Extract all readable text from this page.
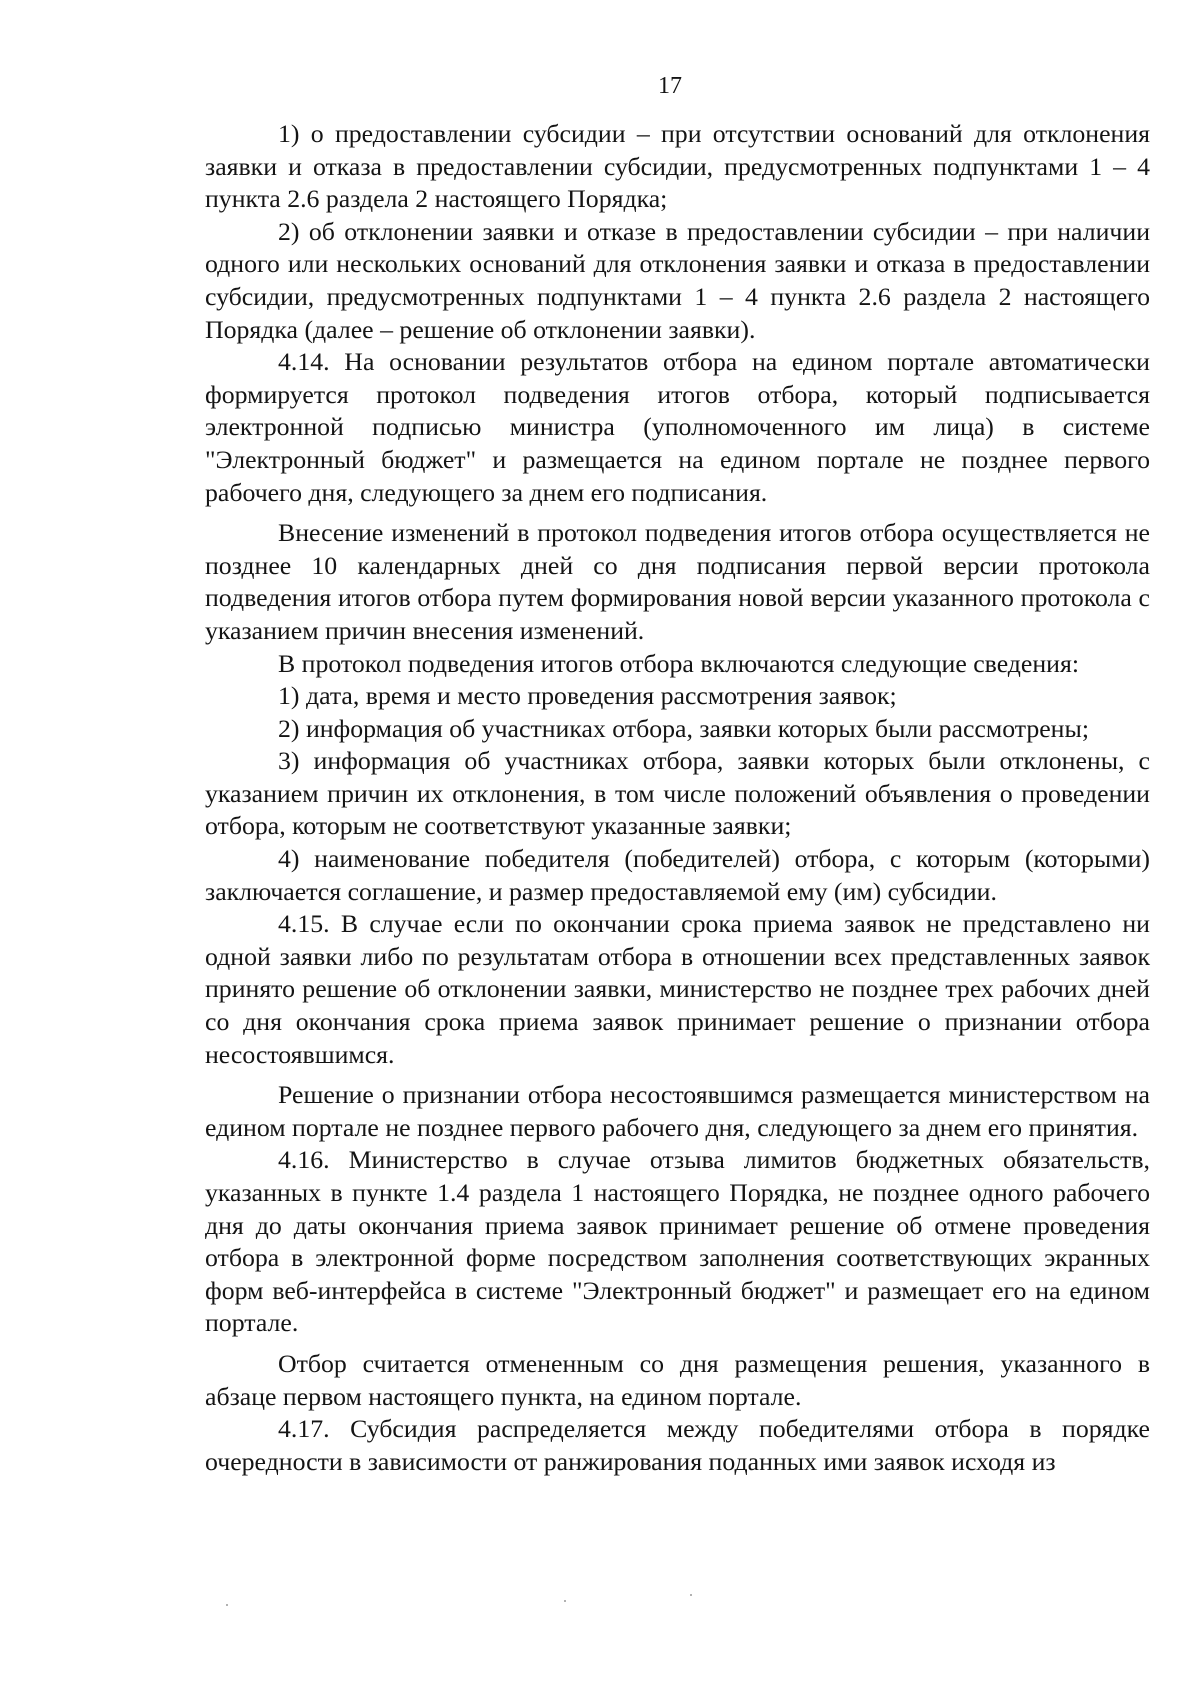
17

1) о предоставлении субсидии – при отсутствии оснований для отклонения заявки и отказа в предоставлении субсидии, предусмотренных подпунктами 1 – 4 пункта 2.6 раздела 2 настоящего Порядка;

2) об отклонении заявки и отказе в предоставлении субсидии – при наличии одного или нескольких оснований для отклонения заявки и отказа в предоставлении субсидии, предусмотренных подпунктами 1 – 4 пункта 2.6 раздела 2 настоящего Порядка (далее – решение об отклонении заявки).

4.14. На основании результатов отбора на едином портале автоматически формируется протокол подведения итогов отбора, который подписывается электронной подписью министра (уполномоченного им лица) в системе "Электронный бюджет" и размещается на едином портале не позднее первого рабочего дня, следующего за днем его подписания.

Внесение изменений в протокол подведения итогов отбора осуществляется не позднее 10 календарных дней со дня подписания первой версии протокола подведения итогов отбора путем формирования новой версии указанного протокола с указанием причин внесения изменений.

В протокол подведения итогов отбора включаются следующие сведения:

1) дата, время и место проведения рассмотрения заявок;

2) информация об участниках отбора, заявки которых были рассмотрены;

3) информация об участниках отбора, заявки которых были отклонены, с указанием причин их отклонения, в том числе положений объявления о проведении отбора, которым не соответствуют указанные заявки;

4) наименование победителя (победителей) отбора, с которым (которыми) заключается соглашение, и размер предоставляемой ему (им) субсидии.

4.15. В случае если по окончании срока приема заявок не представлено ни одной заявки либо по результатам отбора в отношении всех представленных заявок принято решение об отклонении заявки, министерство не позднее трех рабочих дней со дня окончания срока приема заявок принимает решение о признании отбора несостоявшимся.

Решение о признании отбора несостоявшимся размещается министерством на едином портале не позднее первого рабочего дня, следующего за днем его принятия.

4.16. Министерство в случае отзыва лимитов бюджетных обязательств, указанных в пункте 1.4 раздела 1 настоящего Порядка, не позднее одного рабочего дня до даты окончания приема заявок принимает решение об отмене проведения отбора в электронной форме посредством заполнения соответствующих экранных форм веб-интерфейса в системе "Электронный бюджет" и размещает его на едином портале.

Отбор считается отмененным со дня размещения решения, указанного в абзаце первом настоящего пункта, на едином портале.

4.17. Субсидия распределяется между победителями отбора в порядке очередности в зависимости от ранжирования поданных ими заявок исходя из
